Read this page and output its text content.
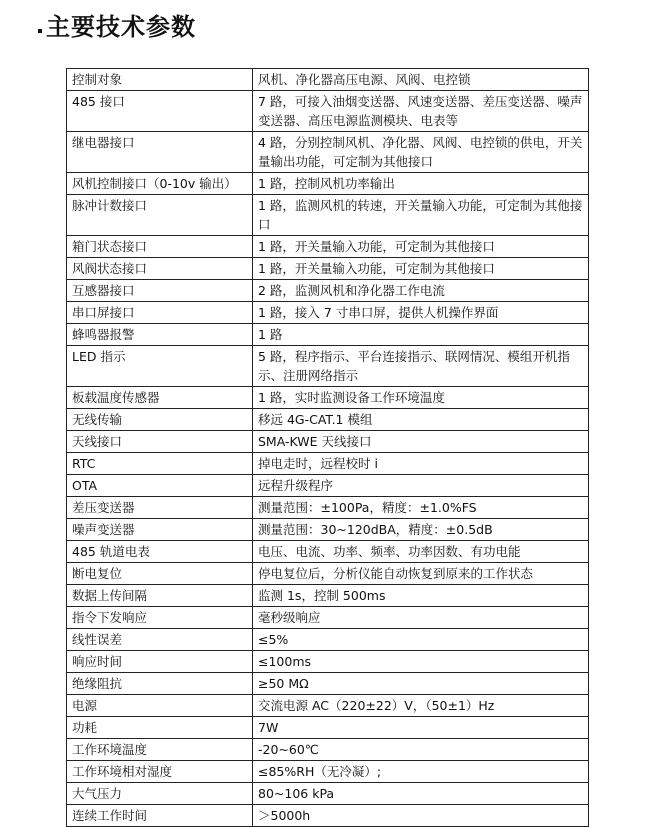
主要技术参数
控制对象	风机、净化器高压电源、风阀、电控锁
485 接口	7 路，可接入油烟变送器、风速变送器、差压变送器、噪声变送器、高压电源监测模块、电表等
继电器接口	4 路，分别控制风机、净化器、风阀、电控锁的供电，开关量输出功能，可定制为其他接口
风机控制接口（0-10v 输出）	1 路，控制风机功率输出
脉冲计数接口	1 路，监测风机的转速，开关量输入功能，可定制为其他接口
箱门状态接口	1 路，开关量输入功能，可定制为其他接口
风阀状态接口	1 路，开关量输入功能，可定制为其他接口
互感器接口	2 路，监测风机和净化器工作电流
串口屏接口	1 路，接入 7 寸串口屏，提供人机操作界面
蜂鸣器报警	1 路
LED 指示	5 路，程序指示、平台连接指示、联网情况、模组开机指示、注册网络指示
板载温度传感器	1 路，实时监测设备工作环境温度
无线传输	移远 4G-CAT.1 模组
天线接口	SMA-KWE 天线接口
RTC	掉电走时，远程校时 i
OTA	远程升级程序
差压变送器	测量范围：±100Pa，精度：±1.0%FS
噪声变送器	测量范围：30~120dBA，精度：±0.5dB
485 轨道电表	电压、电流、功率、频率、功率因数、有功电能
断电复位	停电复位后，分析仪能自动恢复到原来的工作状态
数据上传间隔	监测 1s，控制 500ms
指令下发响应	毫秒级响应
线性误差	≤5%
响应时间	≤100ms
绝缘阻抗	≥50 MΩ
电源	交流电源 AC（220±22）V，（50±1）Hz
功耗	7W
工作环境温度	-20~60℃
工作环境相对湿度	≤85%RH（无冷凝）;
大气压力	80~106 kPa
连续工作时间	＞5000h
